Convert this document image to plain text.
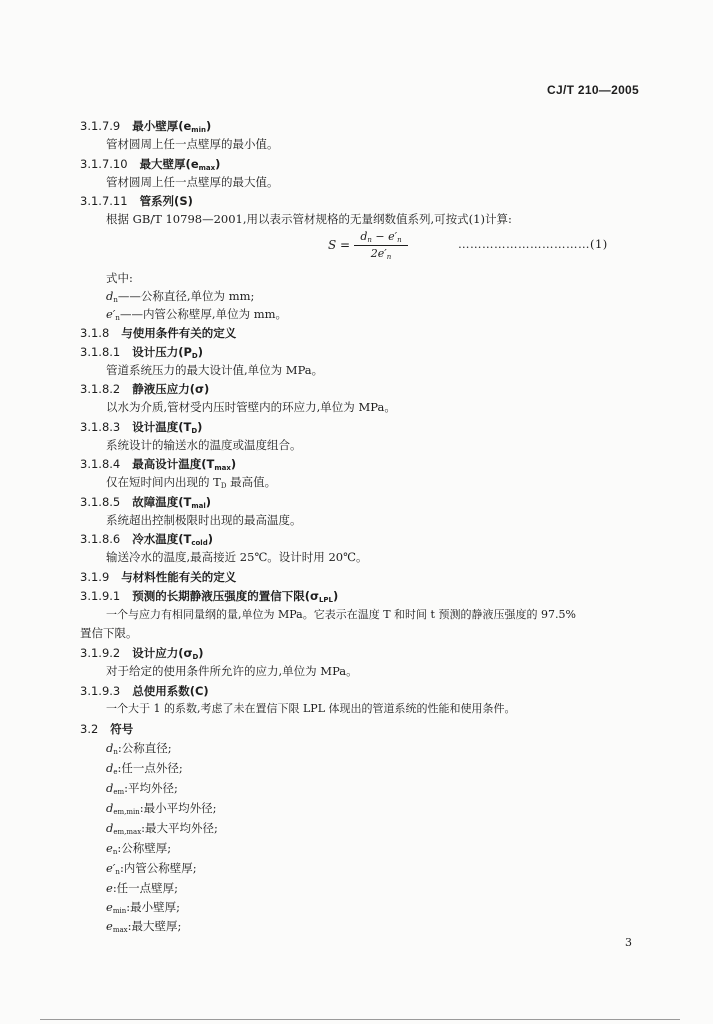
CJ/T 210—2005
3.1.7.9 最小壁厚$(e_{min})$
管材圆周上任一点壁厚的最小值。
3.1.7.10 最大壁厚$(e_{max})$
管材圆周上任一点壁厚的最大值。
3.1.7.11 管系列(S)
根据 GB/T 10798—2001,用以表示管材规格的无量纲数值系列,可按式(1)计算:
S =
$d_n - e'_n$
$2e'_n$
……………………………(1)
式中:
$d_n——$公称直径,单位为 mm;
$e'_n——$内管公称壁厚,单位为 mm。
3.1.8 与使用条件有关的定义
3.1.8.1 设计压力$(P_D)$
管道系统压力的最大设计值,单位为 MPa。
3.1.8.2 静液压应力(σ)
以水为介质,管材受内压时管壁内的环应力,单位为 MPa。
3.1.8.3 设计温度$(T_D)$
系统设计的输送水的温度或温度组合。
3.1.8.4 最高设计温度$(T_{max})$
仅在短时间内出现的 $T_D$ 最高值。
3.1.8.5 故障温度$(T_{mal})$
系统超出控制极限时出现的最高温度。
3.1.8.6 冷水温度$(T_{cold})$
输送冷水的温度,最高接近 25℃。设计时用 20℃。
3.1.9 与材料性能有关的定义
3.1.9.1 预测的长期静液压强度的置信下限$(\sigma_{LPL})$
一个与应力有相同量纲的量,单位为 MPa。它表示在温度 T 和时间 t 预测的静液压强度的 97.5%
置信下限。
3.1.9.2 设计应力$(\sigma_D)$
对于给定的使用条件所允许的应力,单位为 MPa。
3.1.9.3 总使用系数(C)
一个大于 1 的系数,考虑了未在置信下限 LPL 体现出的管道系统的性能和使用条件。
3.2 符号
$d_n$:公称直径;
$d_e$:任一点外径;
$d_{em}$:平均外径;
$d_{em,min}$:最小平均外径;
$d_{em,max}$:最大平均外径;
$e_n$:公称壁厚;
$e'_n$:内管公称壁厚;
e:任一点壁厚;
$e_{min}$:最小壁厚;
$e_{max}$:最大壁厚;
3
